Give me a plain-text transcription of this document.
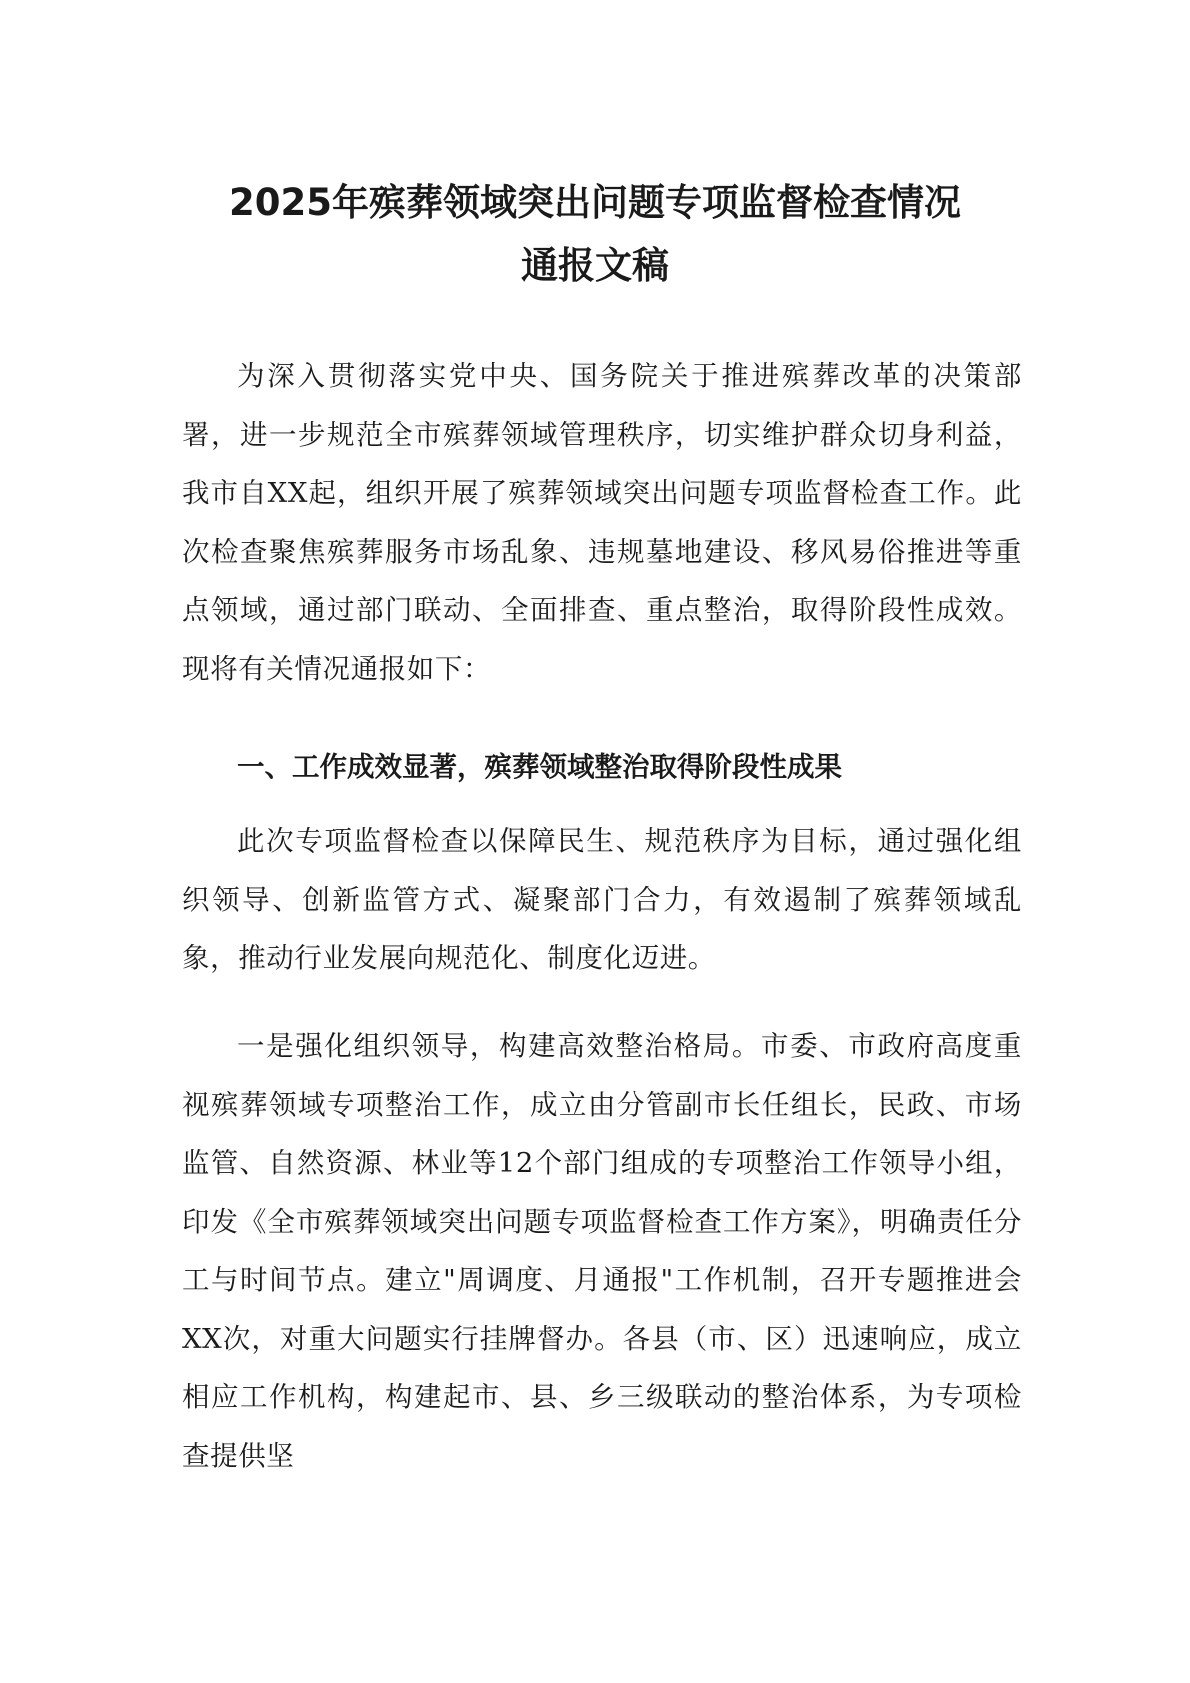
2025年殡葬领域突出问题专项监督检查情况
通报文稿

为深入贯彻落实党中央、国务院关于推进殡葬改革的决策部署，进一步规范全市殡葬领域管理秩序，切实维护群众切身利益，我市自XX起，组织开展了殡葬领域突出问题专项监督检查工作。此次检查聚焦殡葬服务市场乱象、违规墓地建设、移风易俗推进等重点领域，通过部门联动、全面排查、重点整治，取得阶段性成效。现将有关情况通报如下：

一、工作成效显著，殡葬领域整治取得阶段性成果

此次专项监督检查以保障民生、规范秩序为目标，通过强化组织领导、创新监管方式、凝聚部门合力，有效遏制了殡葬领域乱象，推动行业发展向规范化、制度化迈进。

一是强化组织领导，构建高效整治格局。市委、市政府高度重视殡葬领域专项整治工作，成立由分管副市长任组长，民政、市场监管、自然资源、林业等12个部门组成的专项整治工作领导小组，印发《全市殡葬领域突出问题专项监督检查工作方案》，明确责任分工与时间节点。建立"周调度、月通报"工作机制，召开专题推进会XX次，对重大问题实行挂牌督办。各县（市、区）迅速响应，成立相应工作机构，构建起市、县、乡三级联动的整治体系，为专项检查提供坚
